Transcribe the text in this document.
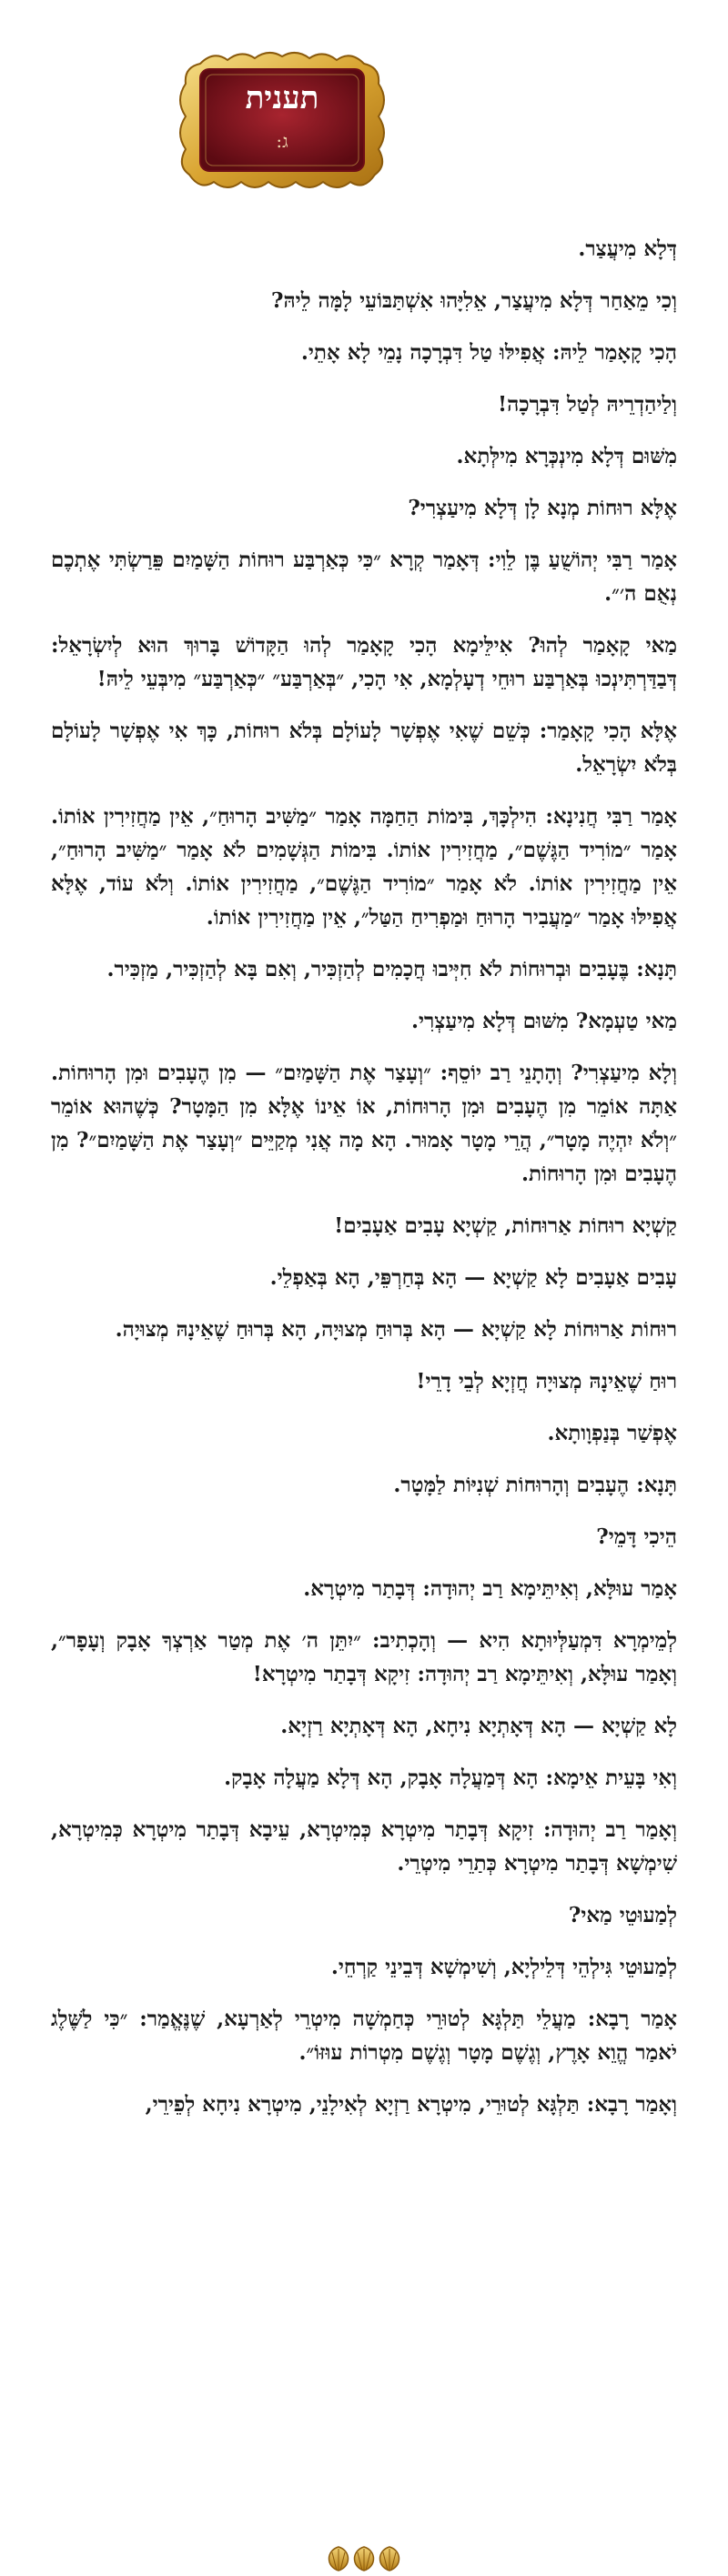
תענית
ג:

דְּלָא מִיעֲצַר.

וְכִי מֵאַחַר דְּלָא מִיעֲצַר, אֵלִיָּהוּ אִשְׁתַּבּוֹעֵי לָמָּה לֵיהּ?

הָכִי קָאָמַר לֵיהּ: אֲפִילּוּ טַל דִּבְרָכָה נָמֵי לָא אָתֵי.

וְלַיהַדְרֵיהּ לְטַל דִּבְרָכָה!

מִשּׁוּם דְּלָא מִינְכְּרָא מִילְּתָא.

אֶלָּא רוּחוֹת מְנָא לָן דְּלָא מִיעַצְרִי?

אָמַר רַבִּי יְהוֹשֻׁעַ בֶּן לֵוִי: דְּאָמַר קְרָא ״כִּי כְּאַרְבַּע רוּחוֹת הַשָּׁמַיִם פֵּרַשְׂתִּי אֶתְכֶם נְאֻם ה׳״.

מַאי קָאָמַר לְהוּ? אִילֵּימָא הָכִי קָאָמַר לְהוּ הַקָּדוֹשׁ בָּרוּךְ הוּא לְיִשְׂרָאֵל: דְּבַדַּרְתִּינְכוּ בְּאַרְבַּע רוּחֵי דְעָלְמָא, אִי הָכִי, ״בְּאַרְבַּע״ ״כְּאַרְבַּע״ מִיבְּעֵי לֵיהּ!

אֶלָּא הָכִי קָאָמַר: כְּשֵׁם שֶׁאִי אֶפְשָׁר לָעוֹלָם בְּלֹא רוּחוֹת, כָּךְ אִי אֶפְשָׁר לָעוֹלָם בְּלֹא יִשְׂרָאֵל.

אָמַר רַבִּי חֲנִינָא: הִילְכָּךְ, בִּימוֹת הַחַמָּה אָמַר ״מַשִּׁיב הָרוּחַ״, אֵין מַחֲזִירִין אוֹתוֹ. אָמַר ״מוֹרִיד הַגֶּשֶׁם״, מַחֲזִירִין אוֹתוֹ. בִּימוֹת הַגְּשָׁמִים לֹא אָמַר ״מַשִּׁיב הָרוּחַ״, אֵין מַחֲזִירִין אוֹתוֹ. לֹא אָמַר ״מוֹרִיד הַגֶּשֶׁם״, מַחֲזִירִין אוֹתוֹ. וְלֹא עוֹד, אֶלָּא אֲפִילּוּ אָמַר ״מַעֲבִיר הָרוּחַ וּמַפְרִיחַ הַטַּל״, אֵין מַחֲזִירִין אוֹתוֹ.

תָּנָא: בֶּעָבִים וּבְרוּחוֹת לֹא חִיְּיבוּ חֲכָמִים לְהַזְכִּיר, וְאִם בָּא לְהַזְכִּיר, מַזְכִּיר.

מַאי טַעְמָא? מִשּׁוּם דְּלָא מִיעַצְרִי.

וְלָא מִיעַצְרִי? וְהָתָנֵי רַב יוֹסֵף: ״וְעָצַר אֶת הַשָּׁמַיִם״ — מִן הֶעָבִים וּמִן הָרוּחוֹת. אַתָּה אוֹמֵר מִן הֶעָבִים וּמִן הָרוּחוֹת, אוֹ אֵינוֹ אֶלָּא מִן הַמָּטָר? כְּשֶׁהוּא אוֹמֵר ״וְלֹא יִהְיֶה מָטָר״, הֲרֵי מָטָר אָמוּר. הָא מָה אֲנִי מְקַיֵּים ״וְעָצַר אֶת הַשָּׁמַיִם״? מִן הֶעָבִים וּמִן הָרוּחוֹת.

קַשְׁיָא רוּחוֹת אַרוּחוֹת, קַשְׁיָא עָבִים אַעָבִים!

עָבִים אַעָבִים לָא קַשְׁיָא — הָא בְּחַרְפֵּי, הָא בְּאַפְלֵי.

רוּחוֹת אַרוּחוֹת לָא קַשְׁיָא — הָא בְּרוּחַ מְצוּיָה, הָא בְּרוּחַ שֶׁאֵינָהּ מְצוּיָה.

רוּחַ שֶׁאֵינָהּ מְצוּיָה חֲזְיָא לְבֵי דָרֵי!

אֶפְשַׁר בְּנַפְוָותָא.

תָּנָא: הֶעָבִים וְהָרוּחוֹת שְׁנִיּוֹת לַמָּטָר.

הֵיכִי דָּמֵי?

אָמַר עוּלָּא, וְאִיתֵּימָא רַב יְהוּדָה: דְּבָתַר מִיטְרָא.

לְמֵימְרָא דִּמְעַלְּיוּתָא הִיא — וְהָכְתִיב: ״יִתֵּן ה׳ אֶת מְטַר אַרְצְךָ אָבָק וְעָפָר״, וְאָמַר עוּלָּא, וְאִיתֵּימָא רַב יְהוּדָה: זִיקָא דְּבָתַר מִיטְרָא!

לָא קַשְׁיָא — הָא דְּאָתְיָא נִיחָא, הָא דְּאָתְיָא רַזְיָא.

וְאִי בָּעֵית אֵימָא: הָא דְּמַעֲלָה אָבָק, הָא דְּלָא מַעֲלָה אָבָק.

וְאָמַר רַב יְהוּדָה: זִיקָא דְּבָתַר מִיטְרָא כְּמִיטְרָא, עֵיבָא דְּבָתַר מִיטְרָא כְּמִיטְרָא, שִׁימְשָׁא דְּבָתַר מִיטְרָא כְּתַרֵי מִיטְרֵי.

לְמַעוּטֵי מַאי?

לְמַעוּטֵי גִּילְהֵי דְּלֵילְיָא, וְשִׁימְשָׁא דְּבֵינֵי קַרְחֵי.

אָמַר רָבָא: מַעֲלֵי תַּלְגָּא לְטוּרֵי כְּחַמְשָׁה מִיטְרֵי לְאַרְעָא, שֶׁנֶּאֱמַר: ״כִּי לַשֶּׁלֶג יֹאמַר הֱוֵא אָרֶץ, וְגֶשֶׁם מָטָר וְגֶשֶׁם מִטְרוֹת עוּזּוֹ״.

וְאָמַר רָבָא: תַּלְגָּא לְטוּרֵי, מִיטְרָא רַזְיָא לְאִילָנֵי, מִיטְרָא נִיחָא לְפֵירֵי,
